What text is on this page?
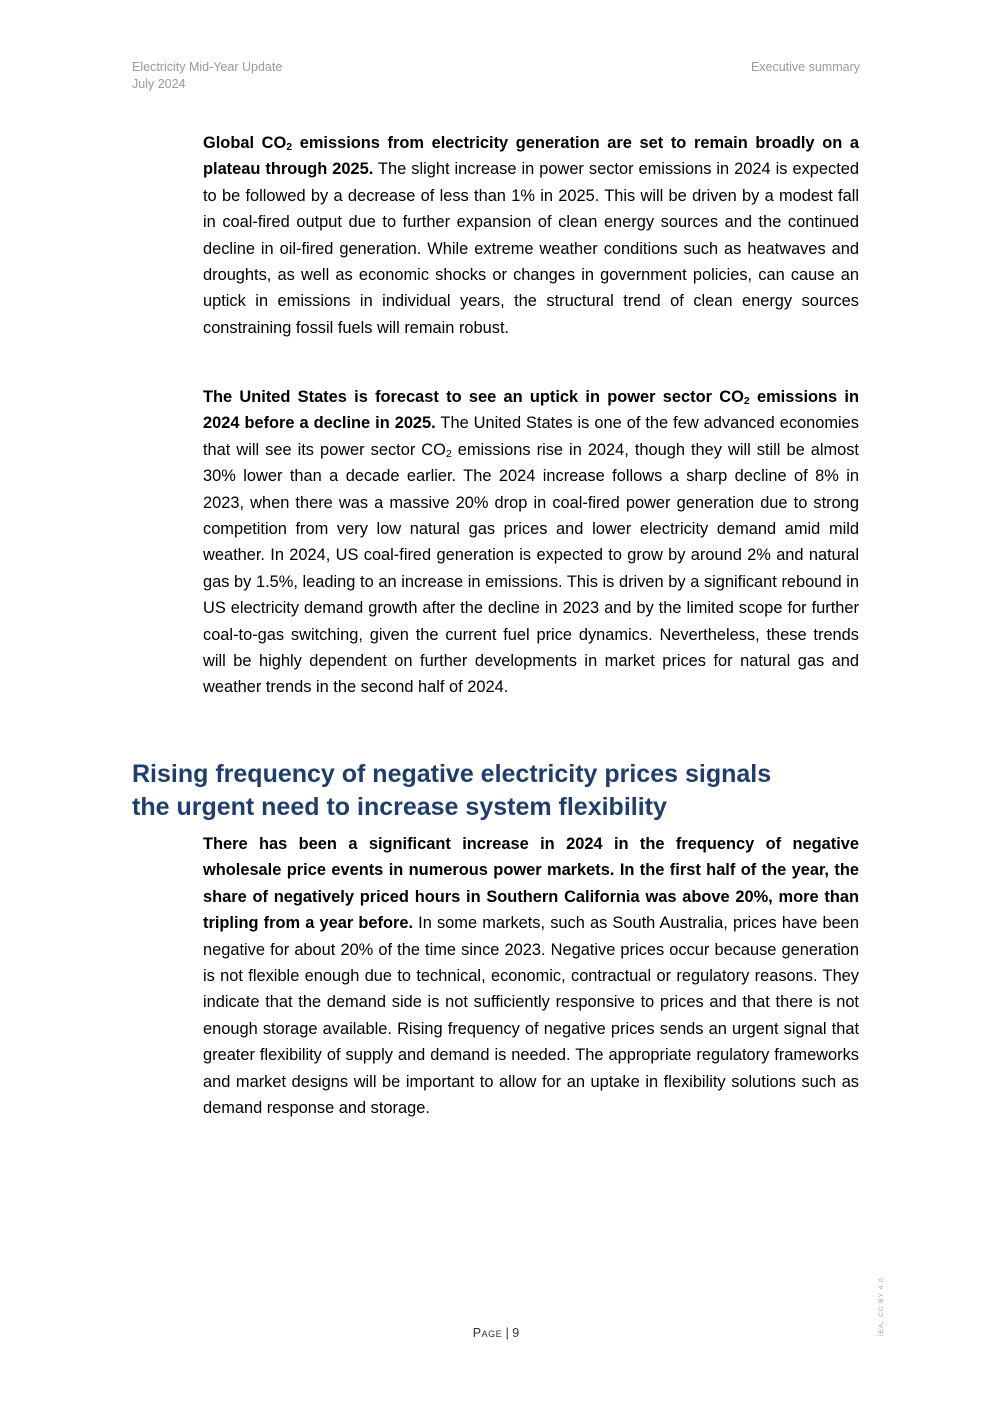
Electricity Mid-Year Update
July 2024
Executive summary

Global $CO_2$ emissions from electricity generation are set to remain broadly on a plateau through 2025. The slight increase in power sector emissions in 2024 is expected to be followed by a decrease of less than 1% in 2025. This will be driven by a modest fall in coal-fired output due to further expansion of clean energy sources and the continued decline in oil-fired generation. While extreme weather conditions such as heatwaves and droughts, as well as economic shocks or changes in government policies, can cause an uptick in emissions in individual years, the structural trend of clean energy sources constraining fossil fuels will remain robust.

The United States is forecast to see an uptick in power sector $CO_2$ emissions in 2024 before a decline in 2025. The United States is one of the few advanced economies that will see its power sector $CO_2$ emissions rise in 2024, though they will still be almost 30% lower than a decade earlier. The 2024 increase follows a sharp decline of 8% in 2023, when there was a massive 20% drop in coal-fired power generation due to strong competition from very low natural gas prices and lower electricity demand amid mild weather. In 2024, US coal-fired generation is expected to grow by around 2% and natural gas by 1.5%, leading to an increase in emissions. This is driven by a significant rebound in US electricity demand growth after the decline in 2023 and by the limited scope for further coal-to-gas switching, given the current fuel price dynamics. Nevertheless, these trends will be highly dependent on further developments in market prices for natural gas and weather trends in the second half of 2024.

Rising frequency of negative electricity prices signals
the urgent need to increase system flexibility

There has been a significant increase in 2024 in the frequency of negative wholesale price events in numerous power markets. In the first half of the year, the share of negatively priced hours in Southern California was above 20%, more than tripling from a year before. In some markets, such as South Australia, prices have been negative for about 20% of the time since 2023. Negative prices occur because generation is not flexible enough due to technical, economic, contractual or regulatory reasons. They indicate that the demand side is not sufficiently responsive to prices and that there is not enough storage available. Rising frequency of negative prices sends an urgent signal that greater flexibility of supply and demand is needed. The appropriate regulatory frameworks and market designs will be important to allow for an uptake in flexibility solutions such as demand response and storage.

Page | 9	IEA. CC BY 4.0.
